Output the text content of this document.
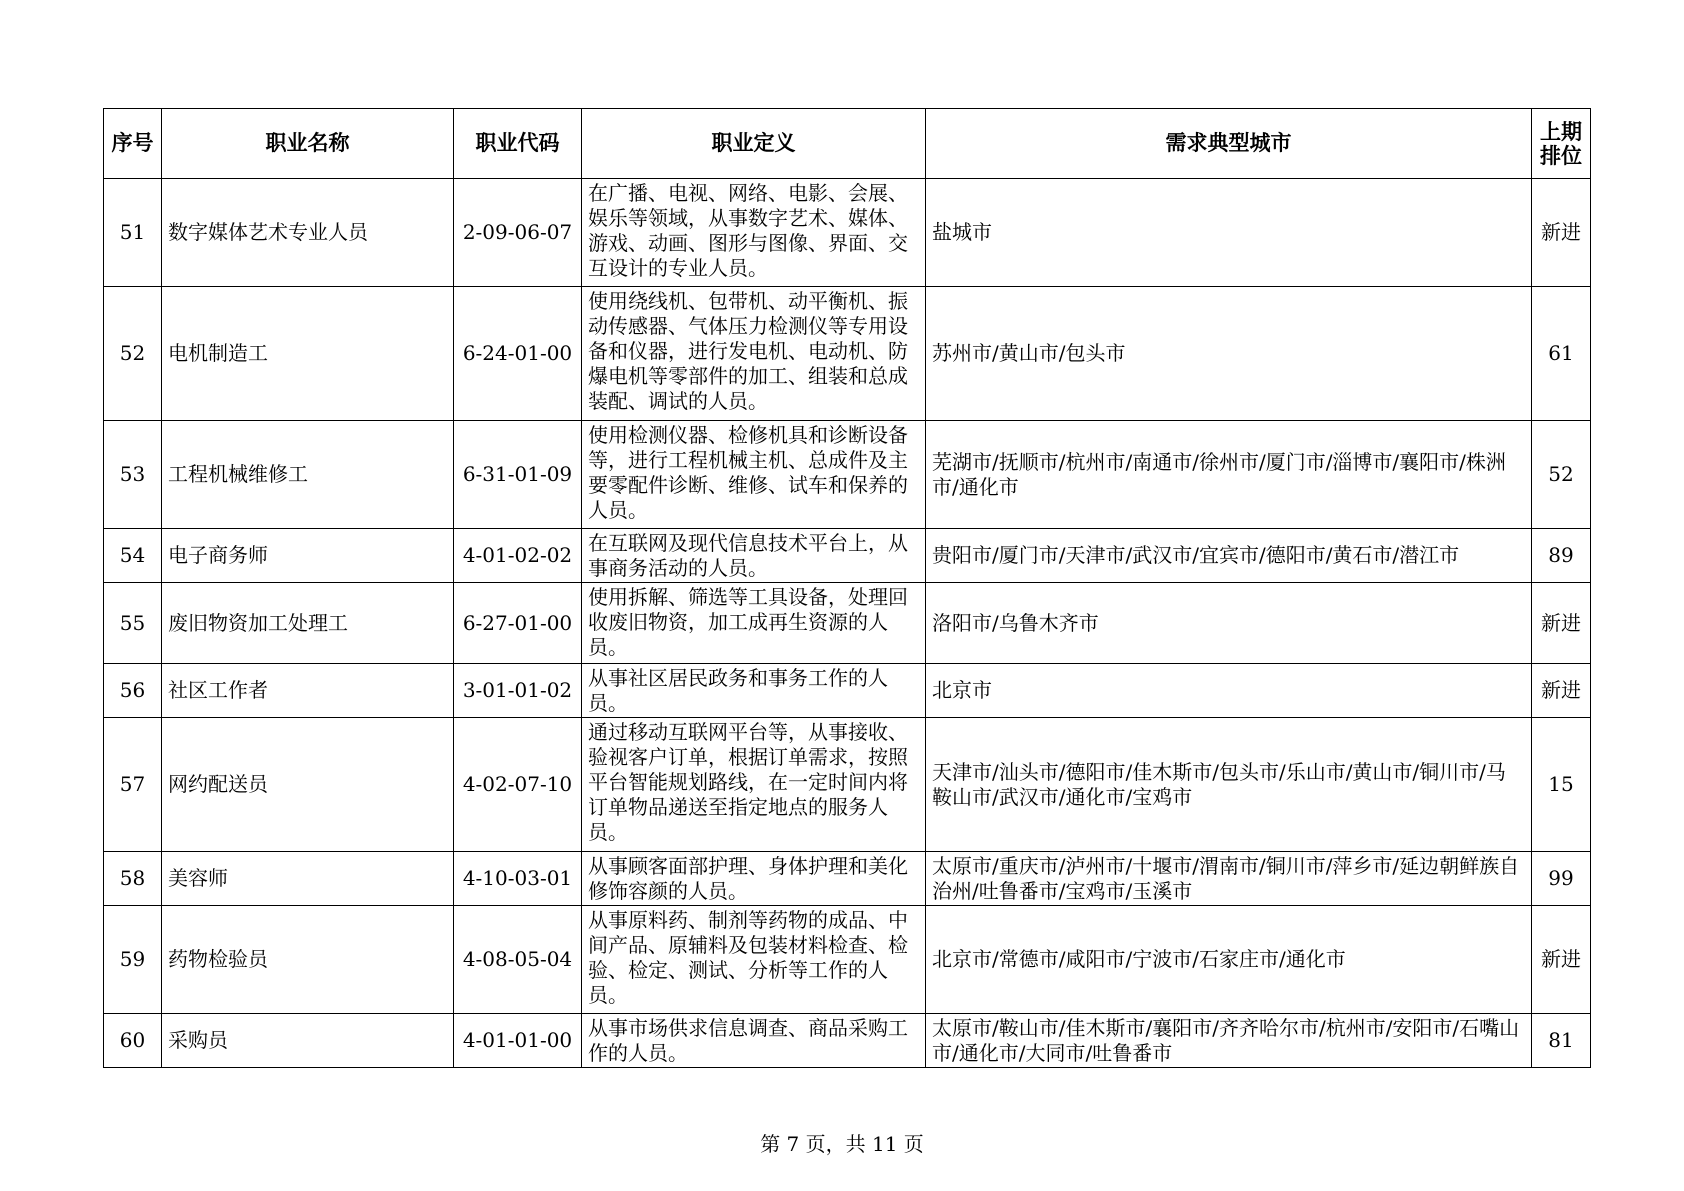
序号	职业名称	职业代码	职业定义	需求典型城市	上期
排位
51	数字媒体艺术专业人员	2-09-06-07	在广播、电视、网络、电影、会展、娱乐等领域，从事数字艺术、媒体、游戏、动画、图形与图像、界面、交互设计的专业人员。	盐城市	新进
52	电机制造工	6-24-01-00	使用绕线机、包带机、动平衡机、振动传感器、气体压力检测仪等专用设备和仪器，进行发电机、电动机、防爆电机等零部件的加工、组装和总成装配、调试的人员。	苏州市/黄山市/包头市	61
53	工程机械维修工	6-31-01-09	使用检测仪器、检修机具和诊断设备等，进行工程机械主机、总成件及主要零配件诊断、维修、试车和保养的人员。	芜湖市/抚顺市/杭州市/南通市/徐州市/厦门市/淄博市/襄阳市/株洲市/通化市	52
54	电子商务师	4-01-02-02	在互联网及现代信息技术平台上，从事商务活动的人员。	贵阳市/厦门市/天津市/武汉市/宜宾市/德阳市/黄石市/潜江市	89
55	废旧物资加工处理工	6-27-01-00	使用拆解、筛选等工具设备，处理回收废旧物资，加工成再生资源的人员。	洛阳市/乌鲁木齐市	新进
56	社区工作者	3-01-01-02	从事社区居民政务和事务工作的人员。	北京市	新进
57	网约配送员	4-02-07-10	通过移动互联网平台等，从事接收、验视客户订单，根据订单需求，按照平台智能规划路线，在一定时间内将订单物品递送至指定地点的服务人员。	天津市/汕头市/德阳市/佳木斯市/包头市/乐山市/黄山市/铜川市/马鞍山市/武汉市/通化市/宝鸡市	15
58	美容师	4-10-03-01	从事顾客面部护理、身体护理和美化修饰容颜的人员。	太原市/重庆市/泸州市/十堰市/渭南市/铜川市/萍乡市/延边朝鲜族自治州/吐鲁番市/宝鸡市/玉溪市	99
59	药物检验员	4-08-05-04	从事原料药、制剂等药物的成品、中间产品、原辅料及包装材料检查、检验、检定、测试、分析等工作的人员。	北京市/常德市/咸阳市/宁波市/石家庄市/通化市	新进
60	采购员	4-01-01-00	从事市场供求信息调查、商品采购工作的人员。	太原市/鞍山市/佳木斯市/襄阳市/齐齐哈尔市/杭州市/安阳市/石嘴山市/通化市/大同市/吐鲁番市	81
第 7 页，共 11 页
